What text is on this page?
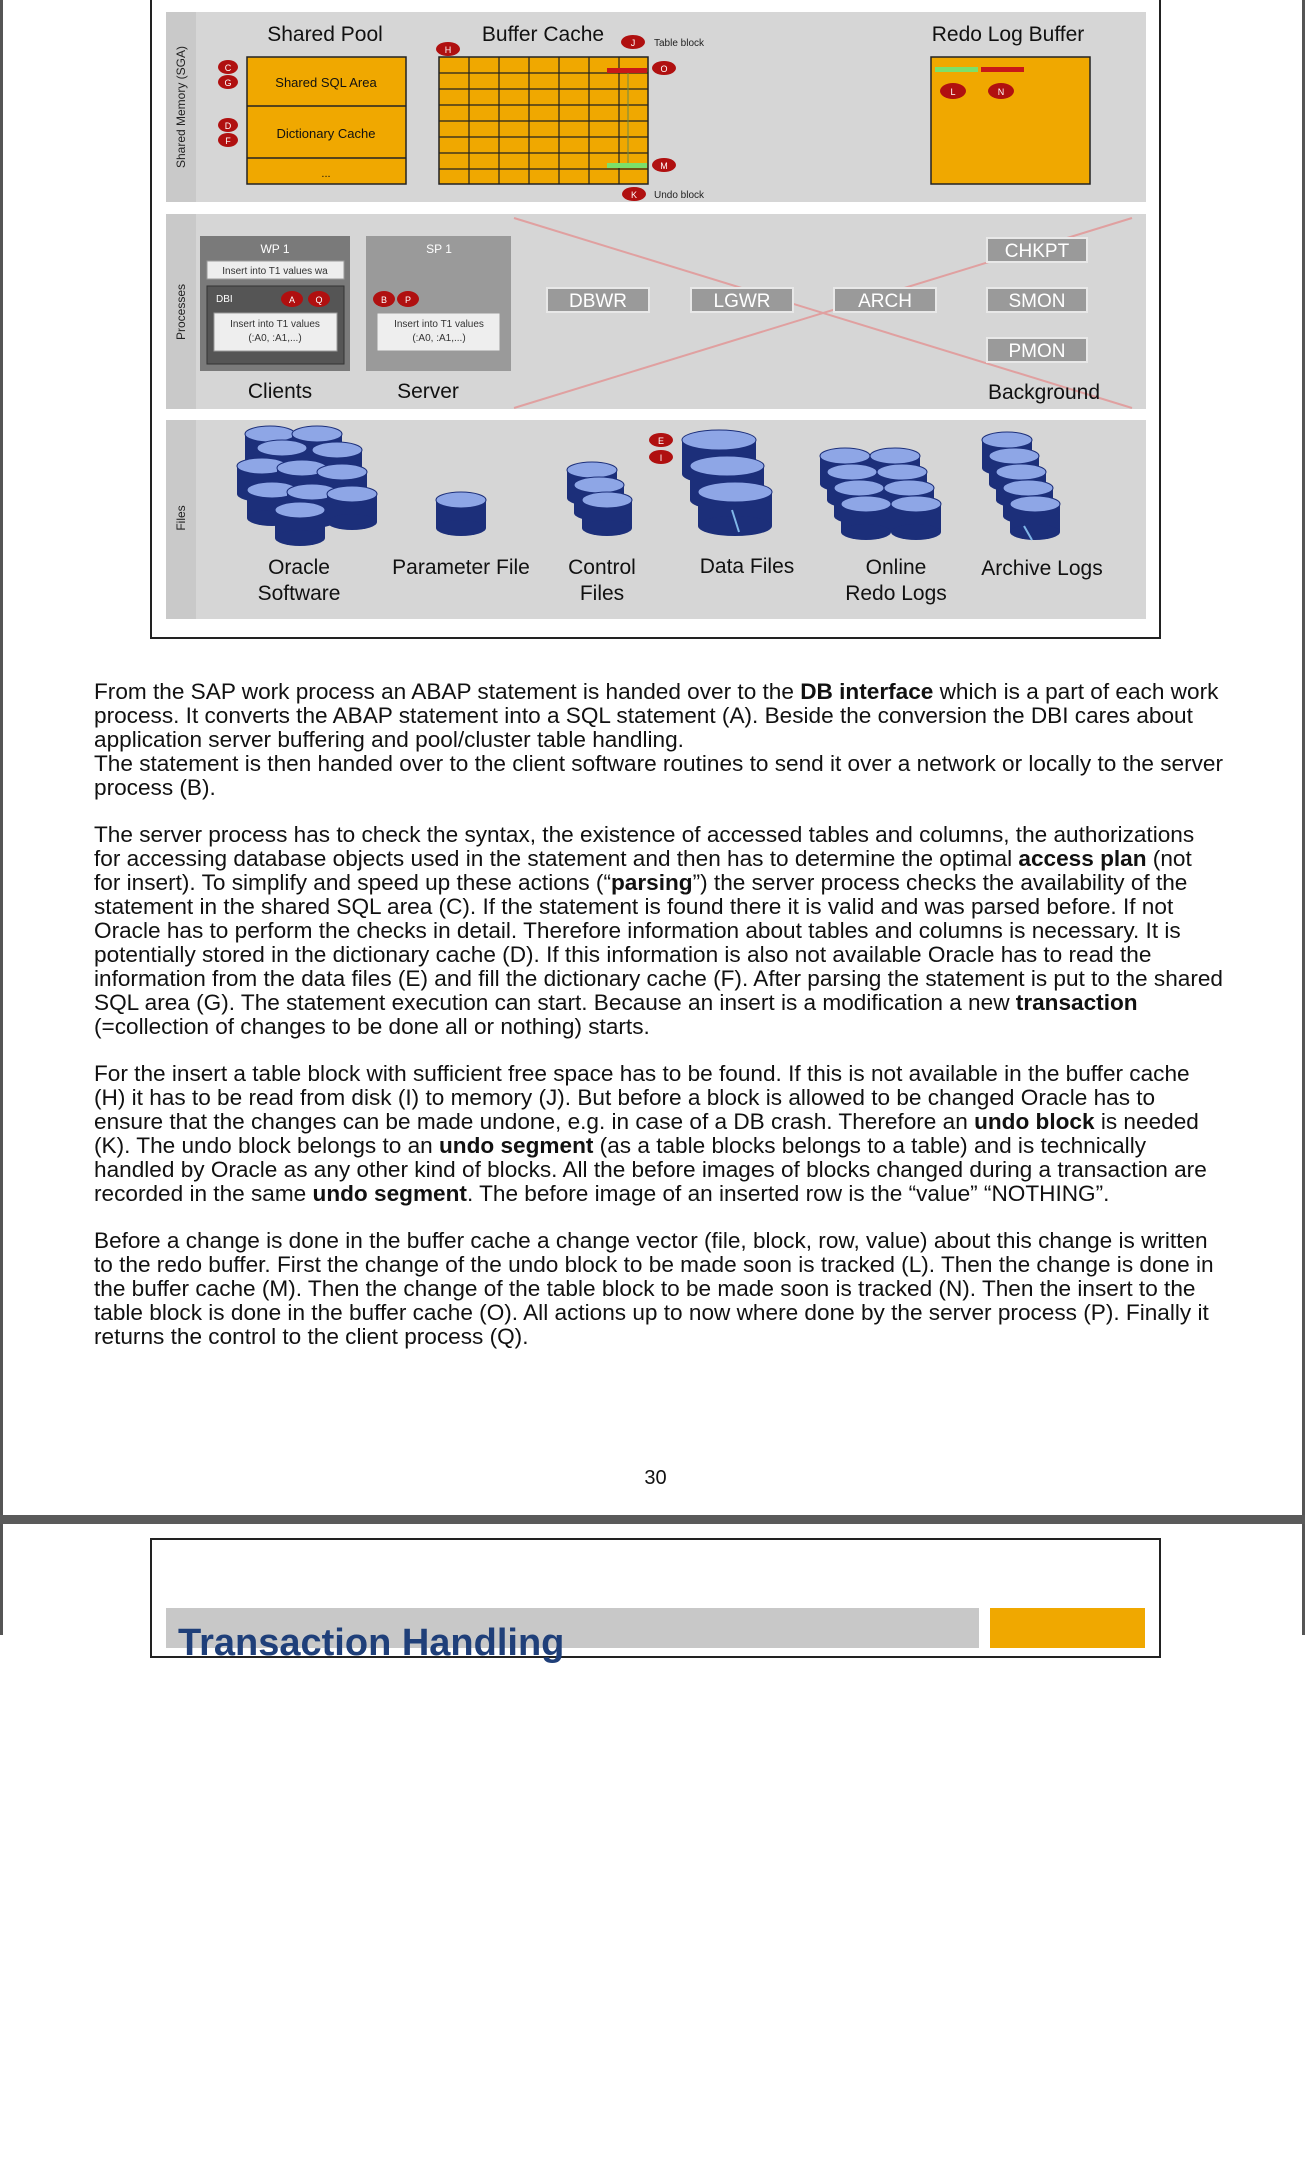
Shared Memory (SGA)
Shared Pool
Shared SQL Area
Dictionary Cache
...
C
G
D
F
Buffer Cache
H
J Table block
O
M
K Undo block
Redo Log Buffer
L	N
Processes
WP 1
Insert into T1 values wa
DBI	A Q
Insert into T1 values
(:A0, :A1,...)
SP 1
B P
Insert into T1 values
(:A0, :A1,...)
Clients	Server
DBWR	LGWR	ARCH
CHKPT
SMON
PMON
Background
Files
Oracle
Software
Parameter File Control
Files
E
I
Data Files	Online
Redo Logs
Archive Logs

From the SAP work process an ABAP statement is handed over to the DB interface which is a part of each work process. It converts the ABAP statement into a SQL statement (A). Beside the conversion the DBI cares about application server buffering and pool/cluster table handling.
The statement is then handed over to the client software routines to send it over a network or locally to the server process (B).

The server process has to check the syntax, the existence of accessed tables and columns, the authorizations for accessing database objects used in the statement and then has to determine the optimal access plan (not for insert). To simplify and speed up these actions (“parsing”) the server process checks the availability of the statement in the shared SQL area (C). If the statement is found there it is valid and was parsed before. If not Oracle has to perform the checks in detail. Therefore information about tables and columns is necessary. It is potentially stored in the dictionary cache (D). If this information is also not available Oracle has to read the information from the data files (E) and fill the dictionary cache (F). After parsing the statement is put to the shared SQL area (G). The statement execution can start. Because an insert is a modification a new transaction (=collection of changes to be done all or nothing) starts.

For the insert a table block with sufficient free space has to be found. If this is not available in the buffer cache (H) it has to be read from disk (I) to memory (J). But before a block is allowed to be changed Oracle has to ensure that the changes can be made undone, e.g. in case of a DB crash. Therefore an undo block is needed (K). The undo block belongs to an undo segment (as a table blocks belongs to a table) and is technically handled by Oracle as any other kind of blocks. All the before images of blocks changed during a transaction are recorded in the same undo segment. The before image of an inserted row is the “value” “NOTHING”.

Before a change is done in the buffer cache a change vector (file, block, row, value) about this change is written to the redo buffer. First the change of the undo block to be made soon is tracked (L). Then the change is done in the buffer cache (M). Then the change of the table block to be made soon is tracked (N). Then the insert to the table block is done in the buffer cache (O). All actions up to now where done by the server process (P). Finally it returns the control to the client process (Q).

30
Transaction Handling
